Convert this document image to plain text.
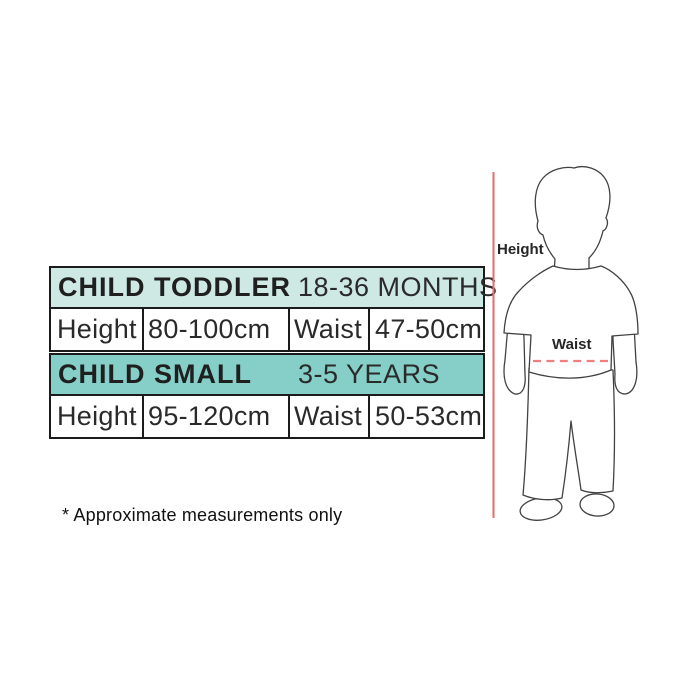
CHILD TODDLER 18-36 MONTHS
Height 80-100cm Waist 47-50cm
CHILD SMALL	3-5 YEARS
Height 95-120cm Waist 50-53cm
* Approximate measurements only
Height
Waist
